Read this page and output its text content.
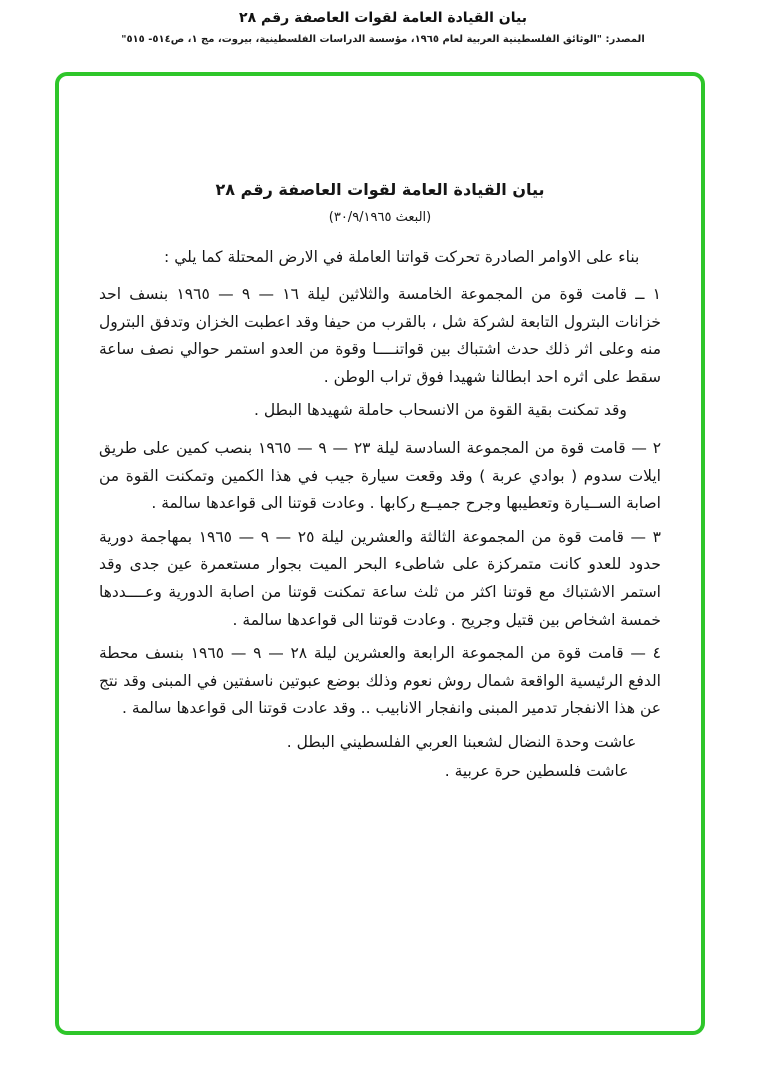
بيان القيادة العامة لقوات العاصفة رقم ٢٨
المصدر: "الوثائق الفلسطينية العربية لعام ١٩٦٥، مؤسسة الدراسات الفلسطينية، بيروت، مج ١، ص٥١٤- ٥١٥"
بيان القيادة العامة لقوات العاصفة رقم ٢٨
(البعث ٣٠/٩/١٩٦٥)
بناء على الاوامر الصادرة تحركت قواتنا العاملة في الارض المحتلة كما يلي :
١ ــ قامت قوة من المجموعة الخامسة والثلاثين ليلة ١٦ — ٩ — ١٩٦٥ بنسف احد خزانات البترول التابعة لشركة شل ، بالقرب من حيفا وقد اعطبت الخزان وتدفق البترول منه وعلى اثر ذلك حدث اشتباك بين قواتنــــا وقوة من العدو استمر حوالي نصف ساعة سقط على اثره احد ابطالنا شهيدا فوق تراب الوطن .
وقد تمكنت بقية القوة من الانسحاب حاملة شهيدها البطل .
٢ — قامت قوة من المجموعة السادسة ليلة ٢٣ — ٩ — ١٩٦٥ بنصب كمين على طريق ايلات سدوم ( بوادي عربة ) وقد وقعت سيارة جيب في هذا الكمين وتمكنت القوة من اصابة الســيارة وتعطيبها وجرح جميــع ركابها . وعادت قوتنا الى قواعدها سالمة .
٣ — قامت قوة من المجموعة الثالثة والعشرين ليلة ٢٥ — ٩ — ١٩٦٥ بمهاجمة دورية حدود للعدو كانت متمركزة على شاطىء البحر الميت بجوار مستعمرة عين جدى وقد استمر الاشتباك مع قوتنا اكثر من ثلث ساعة تمكنت قوتنا من اصابة الدورية وعــــددها خمسة اشخاص بين قتيل وجريح . وعادت قوتنا الى قواعدها سالمة .
٤ — قامت قوة من المجموعة الرابعة والعشرين ليلة ٢٨ — ٩ — ١٩٦٥ بنسف محطة الدفع الرئيسية الواقعة شمال روش نعوم وذلك بوضع عبوتين ناسفتين في المبنى وقد نتج عن هذا الانفجار تدمير المبنى وانفجار الانابيب .. وقد عادت قوتنا الى قواعدها سالمة .
عاشت وحدة النضال لشعبنا العربي الفلسطيني البطل .
عاشت فلسطين حرة عربية .
